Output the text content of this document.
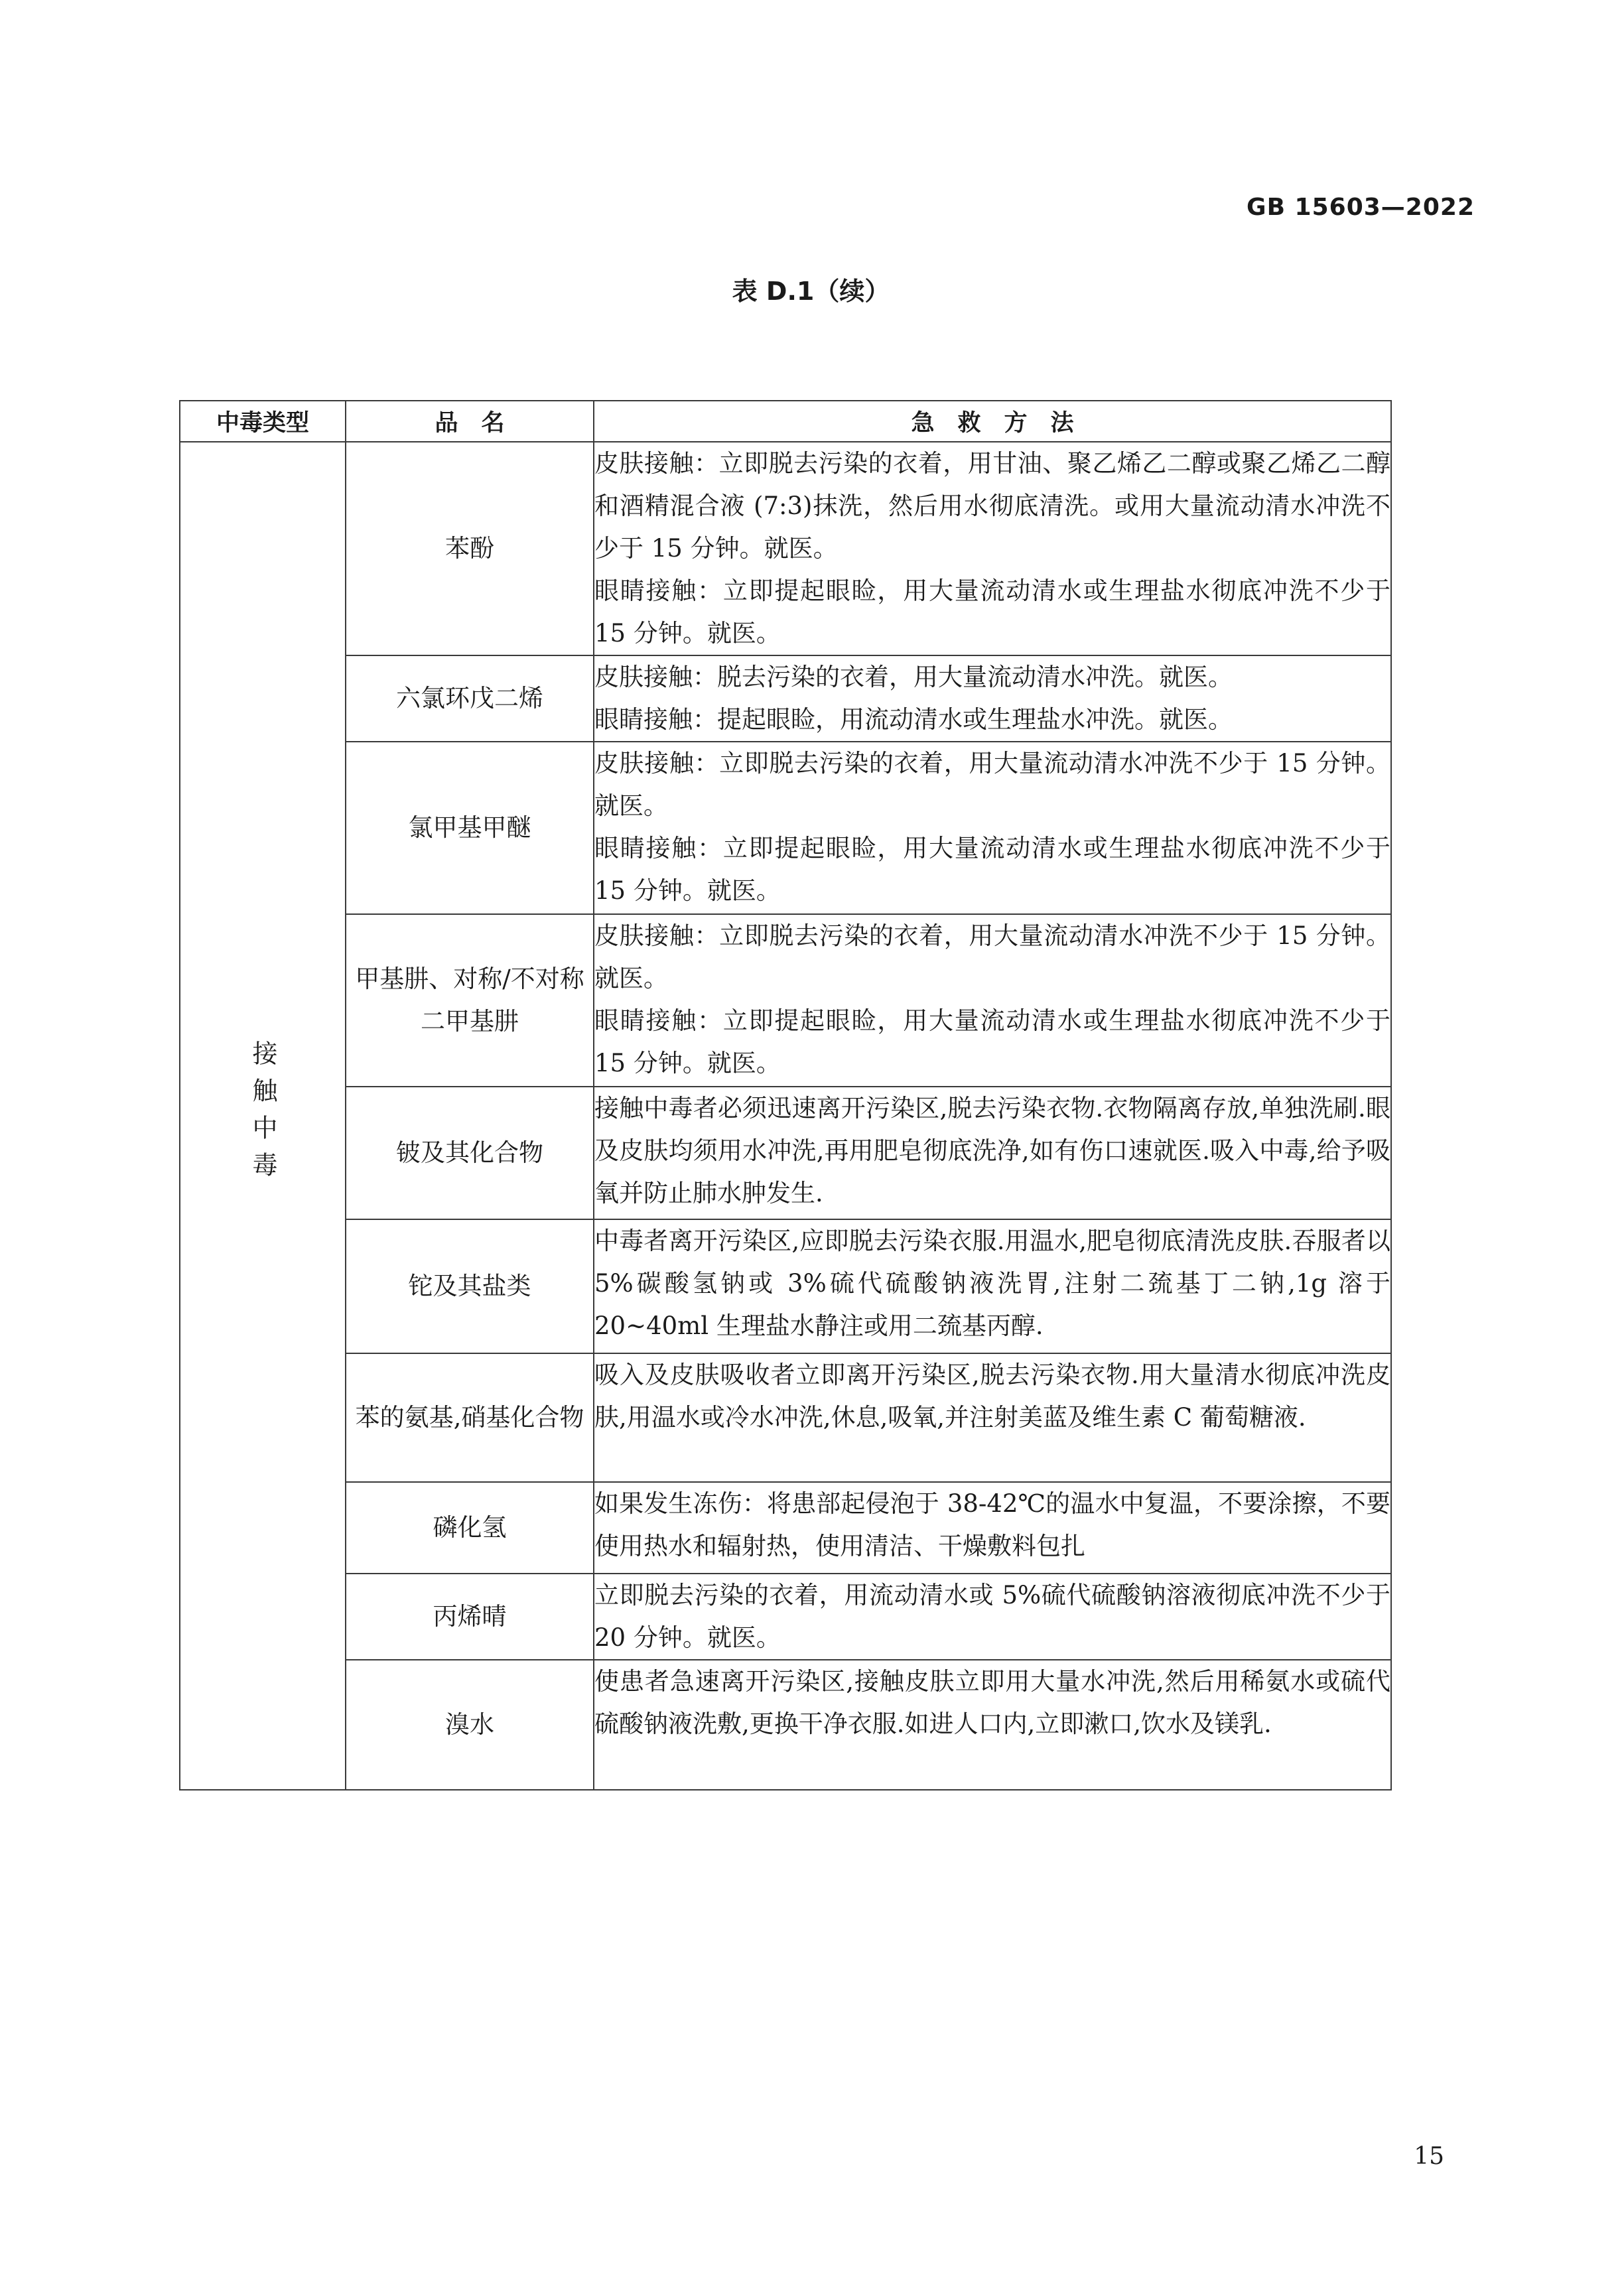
GB 15603—2022
表 D.1（续）
中毒类型	品　名	急　救　方　法
接触中毒	苯酚	皮肤接触：立即脱去污染的衣着，用甘油、聚乙烯乙二醇或聚乙烯乙二醇和酒精混合液 (7:3)抹洗，然后用水彻底清洗。或用大量流动清水冲洗不少于 15 分钟。就医。
眼睛接触：立即提起眼睑，用大量流动清水或生理盐水彻底冲洗不少于 15 分钟。就医。

	六氯环戊二烯	皮肤接触：脱去污染的衣着，用大量流动清水冲洗。就医。
眼睛接触：提起眼睑，用流动清水或生理盐水冲洗。就医。

	氯甲基甲醚	皮肤接触：立即脱去污染的衣着，用大量流动清水冲洗不少于 15 分钟。就医。
眼睛接触：立即提起眼睑，用大量流动清水或生理盐水彻底冲洗不少于 15 分钟。就医。

	甲基肼、对称/不对称二甲基肼	皮肤接触：立即脱去污染的衣着，用大量流动清水冲洗不少于 15 分钟。就医。
眼睛接触：立即提起眼睑，用大量流动清水或生理盐水彻底冲洗不少于 15 分钟。就医。

	铍及其化合物	接触中毒者必须迅速离开污染区,脱去污染衣物.衣物隔离存放,单独洗刷.眼及皮肤均须用水冲洗,再用肥皂彻底洗净,如有伤口速就医.吸入中毒,给予吸氧并防止肺水肿发生.

	铊及其盐类	中毒者离开污染区,应即脱去污染衣服.用温水,肥皂彻底清洗皮肤.吞服者以 5%碳酸氢钠或 3%硫代硫酸钠液洗胃,注射二巯基丁二钠,1g 溶于 20~40ml 生理盐水静注或用二巯基丙醇.

	苯的氨基,硝基化合物	吸入及皮肤吸收者立即离开污染区,脱去污染衣物.用大量清水彻底冲洗皮肤,用温水或冷水冲洗,休息,吸氧,并注射美蓝及维生素 C 葡萄糖液.

	磷化氢	如果发生冻伤：将患部起侵泡于 38-42℃的温水中复温，不要涂擦，不要使用热水和辐射热，使用清洁、干燥敷料包扎

	丙烯晴	立即脱去污染的衣着，用流动清水或 5%硫代硫酸钠溶液彻底冲洗不少于 20 分钟。就医。

	溴水	使患者急速离开污染区,接触皮肤立即用大量水冲洗,然后用稀氨水或硫代硫酸钠液洗敷,更换干净衣服.如进人口内,立即漱口,饮水及镁乳.
15
